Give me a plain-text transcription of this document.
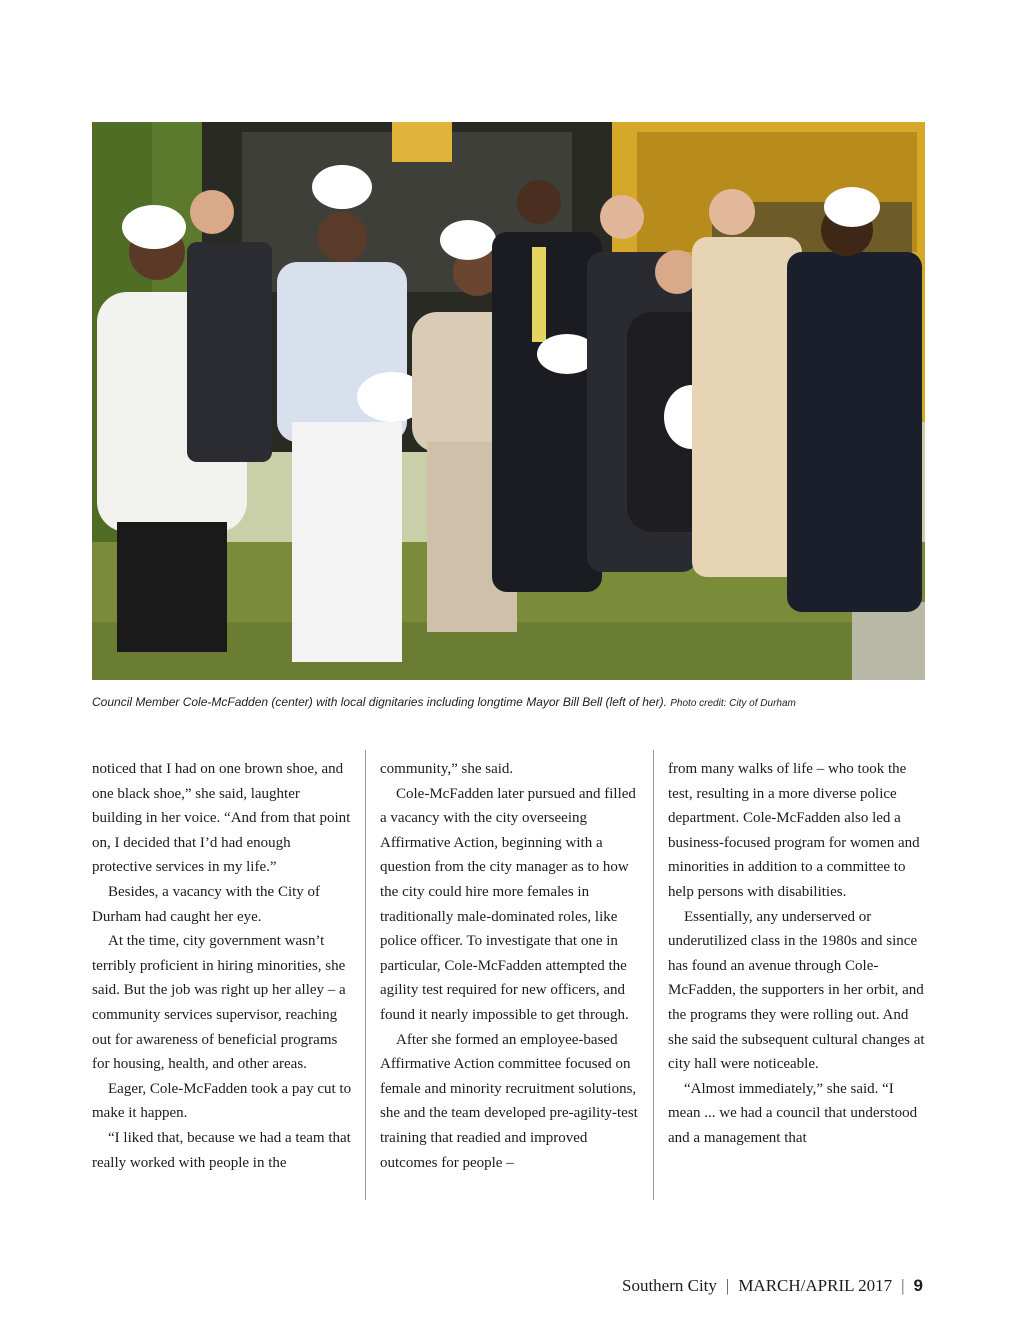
Council Member Cole-McFadden (center) with local dignitaries including longtime Mayor Bill Bell (left of her). Photo credit: City of Durham

noticed that I had on one brown shoe, and one black shoe,” she said, laughter building in her voice. “And from that point on, I decided that I’d had enough protective services in my life.”

Besides, a vacancy with the City of Durham had caught her eye.

At the time, city government wasn’t terribly proficient in hiring minorities, she said. But the job was right up her alley – a community services supervisor, reaching out for awareness of beneficial programs for housing, health, and other areas.

Eager, Cole-McFadden took a pay cut to make it happen.

“I liked that, because we had a team that really worked with people in the

community,” she said.

Cole-McFadden later pursued and filled a vacancy with the city overseeing Affirmative Action, beginning with a question from the city manager as to how the city could hire more females in traditionally male-dominated roles, like police officer. To investigate that one in particular, Cole-McFadden attempted the agility test required for new officers, and found it nearly impossible to get through.

After she formed an employee-based Affirmative Action committee focused on female and minority recruitment solutions, she and the team developed pre-agility-test training that readied and improved outcomes for people –

from many walks of life – who took the test, resulting in a more diverse police department. Cole-McFadden also led a business-focused program for women and minorities in addition to a committee to help persons with disabilities.

Essentially, any underserved or underutilized class in the 1980s and since has found an avenue through Cole-McFadden, the supporters in her orbit, and the programs they were rolling out. And she said the subsequent cultural changes at city hall were noticeable.

“Almost immediately,” she said. “I mean ... we had a council that understood and a management that

Southern City | MARCH/APRIL 2017 | 9
